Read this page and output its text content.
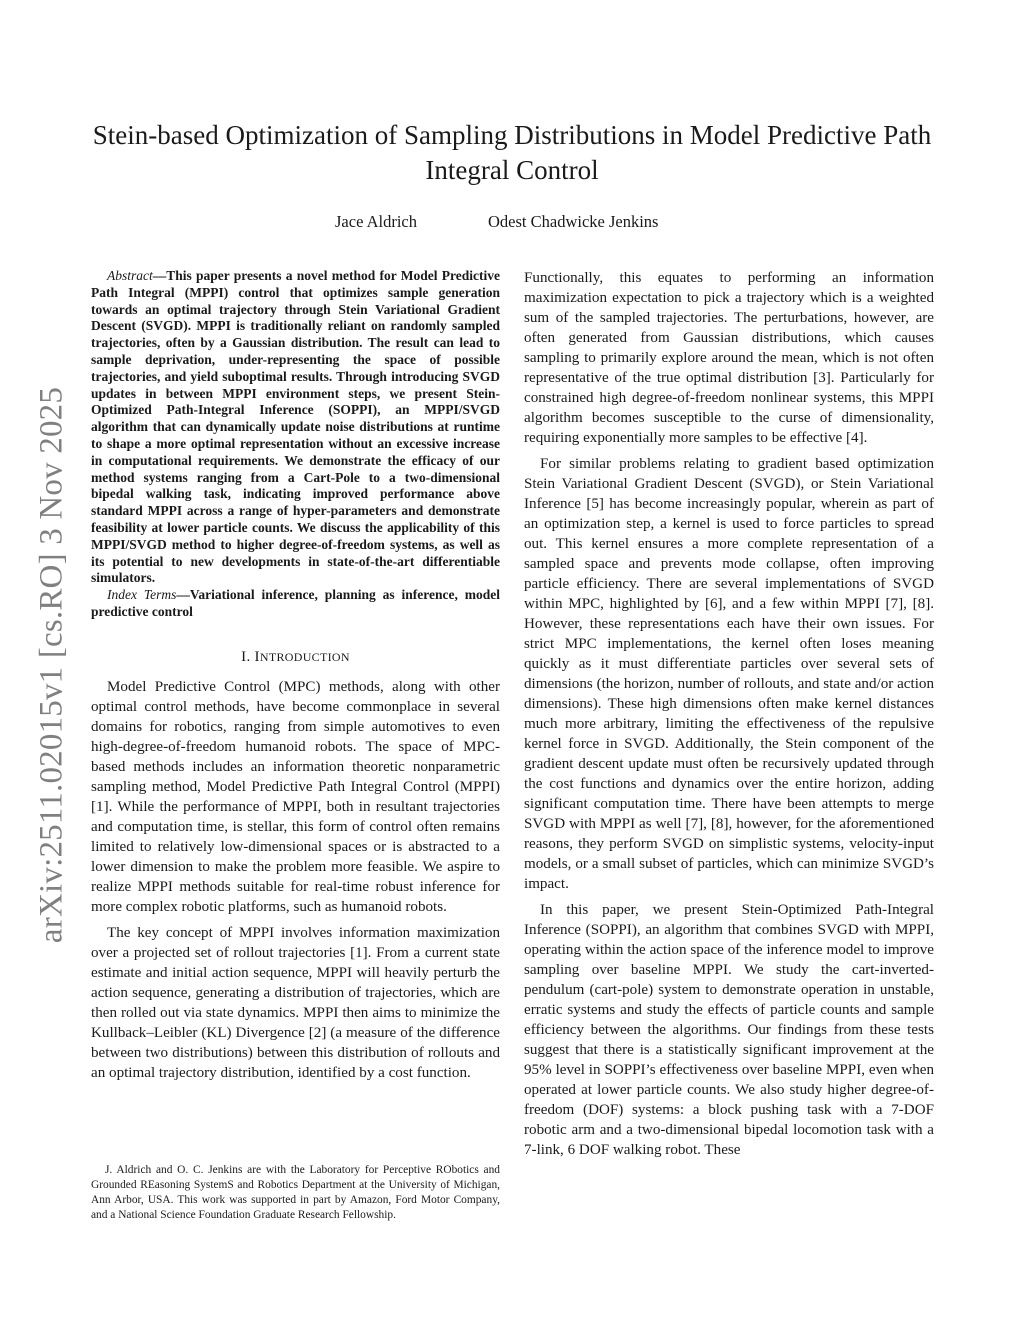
Stein-based Optimization of Sampling Distributions in Model Predictive Path Integral Control
Jace Aldrich	Odest Chadwicke Jenkins
arXiv:2511.02015v1 [cs.RO] 3 Nov 2025

Abstract—This paper presents a novel method for Model Predictive Path Integral (MPPI) control that optimizes sample generation towards an optimal trajectory through Stein Variational Gradient Descent (SVGD). MPPI is traditionally reliant on randomly sampled trajectories, often by a Gaussian distribution. The result can lead to sample deprivation, under-representing the space of possible trajectories, and yield suboptimal results. Through introducing SVGD updates in between MPPI environment steps, we present Stein-Optimized Path-Integral Inference (SOPPI), an MPPI/SVGD algorithm that can dynamically update noise distributions at runtime to shape a more optimal representation without an excessive increase in computational requirements. We demonstrate the efficacy of our method systems ranging from a Cart-Pole to a two-dimensional bipedal walking task, indicating improved performance above standard MPPI across a range of hyper-parameters and demonstrate feasibility at lower particle counts. We discuss the applicability of this MPPI/SVGD method to higher degree-of-freedom systems, as well as its potential to new developments in state-of-the-art differentiable simulators.

Index Terms—Variational inference, planning as inference, model predictive control

I. INTRODUCTION

Model Predictive Control (MPC) methods, along with other optimal control methods, have become commonplace in several domains for robotics, ranging from simple automotives to even high-degree-of-freedom humanoid robots. The space of MPC-based methods includes an information theoretic nonparametric sampling method, Model Predictive Path Integral Control (MPPI) [1]. While the performance of MPPI, both in resultant trajectories and computation time, is stellar, this form of control often remains limited to relatively low-dimensional spaces or is abstracted to a lower dimension to make the problem more feasible. We aspire to realize MPPI methods suitable for real-time robust inference for more complex robotic platforms, such as humanoid robots.

The key concept of MPPI involves information maximization over a projected set of rollout trajectories [1]. From a current state estimate and initial action sequence, MPPI will heavily perturb the action sequence, generating a distribution of trajectories, which are then rolled out via state dynamics. MPPI then aims to minimize the Kullback–Leibler (KL) Divergence [2] (a measure of the difference between two distributions) between this distribution of rollouts and an optimal trajectory distribution, identified by a cost function.

J. Aldrich and O. C. Jenkins are with the Laboratory for Perceptive RObotics and Grounded REasoning SystemS and Robotics Department at the University of Michigan, Ann Arbor, USA. This work was supported in part by Amazon, Ford Motor Company, and a National Science Foundation Graduate Research Fellowship.

Functionally, this equates to performing an information maximization expectation to pick a trajectory which is a weighted sum of the sampled trajectories. The perturbations, however, are often generated from Gaussian distributions, which causes sampling to primarily explore around the mean, which is not often representative of the true optimal distribution [3]. Particularly for constrained high degree-of-freedom nonlinear systems, this MPPI algorithm becomes susceptible to the curse of dimensionality, requiring exponentially more samples to be effective [4].

For similar problems relating to gradient based optimization Stein Variational Gradient Descent (SVGD), or Stein Variational Inference [5] has become increasingly popular, wherein as part of an optimization step, a kernel is used to force particles to spread out. This kernel ensures a more complete representation of a sampled space and prevents mode collapse, often improving particle efficiency. There are several implementations of SVGD within MPC, highlighted by [6], and a few within MPPI [7], [8]. However, these representations each have their own issues. For strict MPC implementations, the kernel often loses meaning quickly as it must differentiate particles over several sets of dimensions (the horizon, number of rollouts, and state and/or action dimensions). These high dimensions often make kernel distances much more arbitrary, limiting the effectiveness of the repulsive kernel force in SVGD. Additionally, the Stein component of the gradient descent update must often be recursively updated through the cost functions and dynamics over the entire horizon, adding significant computation time. There have been attempts to merge SVGD with MPPI as well [7], [8], however, for the aforementioned reasons, they perform SVGD on simplistic systems, velocity-input models, or a small subset of particles, which can minimize SVGD’s impact.

In this paper, we present Stein-Optimized Path-Integral Inference (SOPPI), an algorithm that combines SVGD with MPPI, operating within the action space of the inference model to improve sampling over baseline MPPI. We study the cart-inverted-pendulum (cart-pole) system to demonstrate operation in unstable, erratic systems and study the effects of particle counts and sample efficiency between the algorithms. Our findings from these tests suggest that there is a statistically significant improvement at the 95% level in SOPPI’s effectiveness over baseline MPPI, even when operated at lower particle counts. We also study higher degree-of-freedom (DOF) systems: a block pushing task with a 7-DOF robotic arm and a two-dimensional bipedal locomotion task with a 7-link, 6 DOF walking robot. These
